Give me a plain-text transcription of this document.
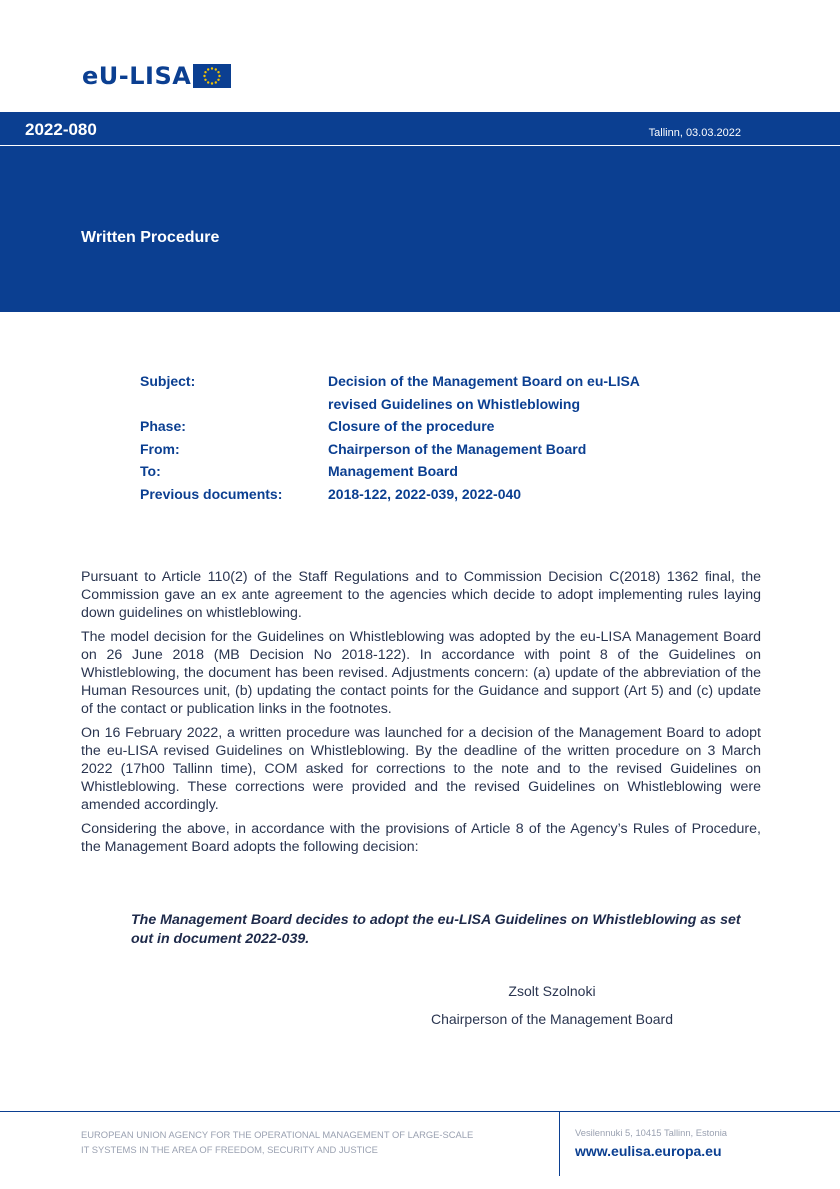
eU-LISA
2022-080	Tallinn, 03.03.2022
Written Procedure
Subject:	Decision of the Management Board on eu-LISA revised Guidelines on Whistleblowing
Phase:	Closure of the procedure
From:	Chairperson of the Management Board
To:	Management Board
Previous documents:	2018-122, 2022-039, 2022-040

Pursuant to Article 110(2) of the Staff Regulations and to Commission Decision C(2018) 1362 final, the Commission gave an ex ante agreement to the agencies which decide to adopt implementing rules laying down guidelines on whistleblowing.

The model decision for the Guidelines on Whistleblowing was adopted by the eu-LISA Management Board on 26 June 2018 (MB Decision No 2018-122). In accordance with point 8 of the Guidelines on Whistleblowing, the document has been revised. Adjustments concern: (a) update of the abbreviation of the Human Resources unit, (b) updating the contact points for the Guidance and support (Art 5) and (c) update of the contact or publication links in the footnotes.

On 16 February 2022, a written procedure was launched for a decision of the Management Board to adopt the eu-LISA revised Guidelines on Whistleblowing. By the deadline of the written procedure on 3 March 2022 (17h00 Tallinn time), COM asked for corrections to the note and to the revised Guidelines on Whistleblowing. These corrections were provided and the revised Guidelines on Whistleblowing were amended accordingly.

Considering the above, in accordance with the provisions of Article 8 of the Agency’s Rules of Procedure, the Management Board adopts the following decision:

The Management Board decides to adopt the eu-LISA Guidelines on Whistleblowing as set out in document 2022-039.
Zsolt Szolnoki
Chairperson of the Management Board
EUROPEAN UNION AGENCY FOR THE OPERATIONAL MANAGEMENT OF LARGE-SCALE
IT SYSTEMS IN THE AREA OF FREEDOM, SECURITY AND JUSTICE
Vesilennuki 5, 10415 Tallinn, Estonia
www.eulisa.europa.eu
